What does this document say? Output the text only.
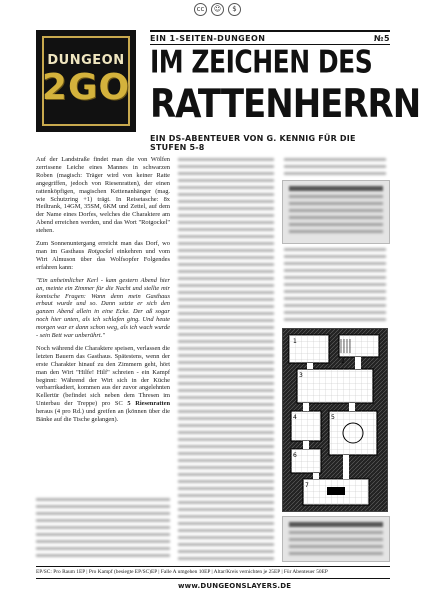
cc	☺	$
DUNGEON
2GO
EIN 1-SEITEN-DUNGEON	№5
IM ZEICHEN DES
RATTENHERRN
EIN DS-ABENTEUER VON G. KENNIG FÜR DIE STUFEN 5-8

Auf der Landstraße findet man die von Wölfen zerrissene Leiche eines Mannes in schwarzen Roben (magisch: Träger wird von keiner Ratte angegriffen, jedoch von Riesenratten), der einen rattenköpfigen, magischen Kettenanhänger (mag. wie Schutzring +1) trägt. In Reisetasche: 8x Heiltrank, 14GM, 35SM, 6KM und Zettel, auf dem der Name eines Dorfes, welches die Charaktere am Abend erreichen werden, und das Wort "Rotgockel" stehen.

Zum Sonnenuntergang erreicht man das Dorf, wo man im Gasthaus Rotgockel einkehren und vom Wirt Almuson über das Wolfsopfer Folgendes erfahren kann:

"Ein unheimlicher Kerl - kam gestern Abend hier an, meinte ein Zimmer für die Nacht und stellte mir komische Fragen: Wann denn mein Gasthaus erbaut wurde und so. Dann setzte er sich den ganzen Abend allein in eine Ecke. Der aß sogar noch hier unten, als ich schlafen ging. Und heute morgen war er dann schon weg, als ich wach wurde - sein Bett war unberührt."

Noch während die Charaktere speisen, verlassen die letzten Bauern das Gasthaus. Spätestens, wenn der erste Charakter hinauf zu den Zimmern geht, hört man den Wirt "Hilfe! Hilf" schreien - ein Kampf beginnt: Während der Wirt sich in der Küche verbarrikadiert, kommen aus der zuvor angelehnten Kellertür (befindet sich neben dem Thresen im Unterbau der Treppe) pro SC 5 Riesenratten heraus (4 pro Rd.) und greifen an (können über die Bänke auf die Tische gelangen).

1
2
3
4	5
6
7
EP/SC: Pro Raum 1EP | Pro Kampf (besiegte EP/SC)EP | Falle A umgehen 10EP | Altar/Kreis vernichten je 25EP | Für Abenteuer 50EP
www.DUNGEONSLAYERS.DE
